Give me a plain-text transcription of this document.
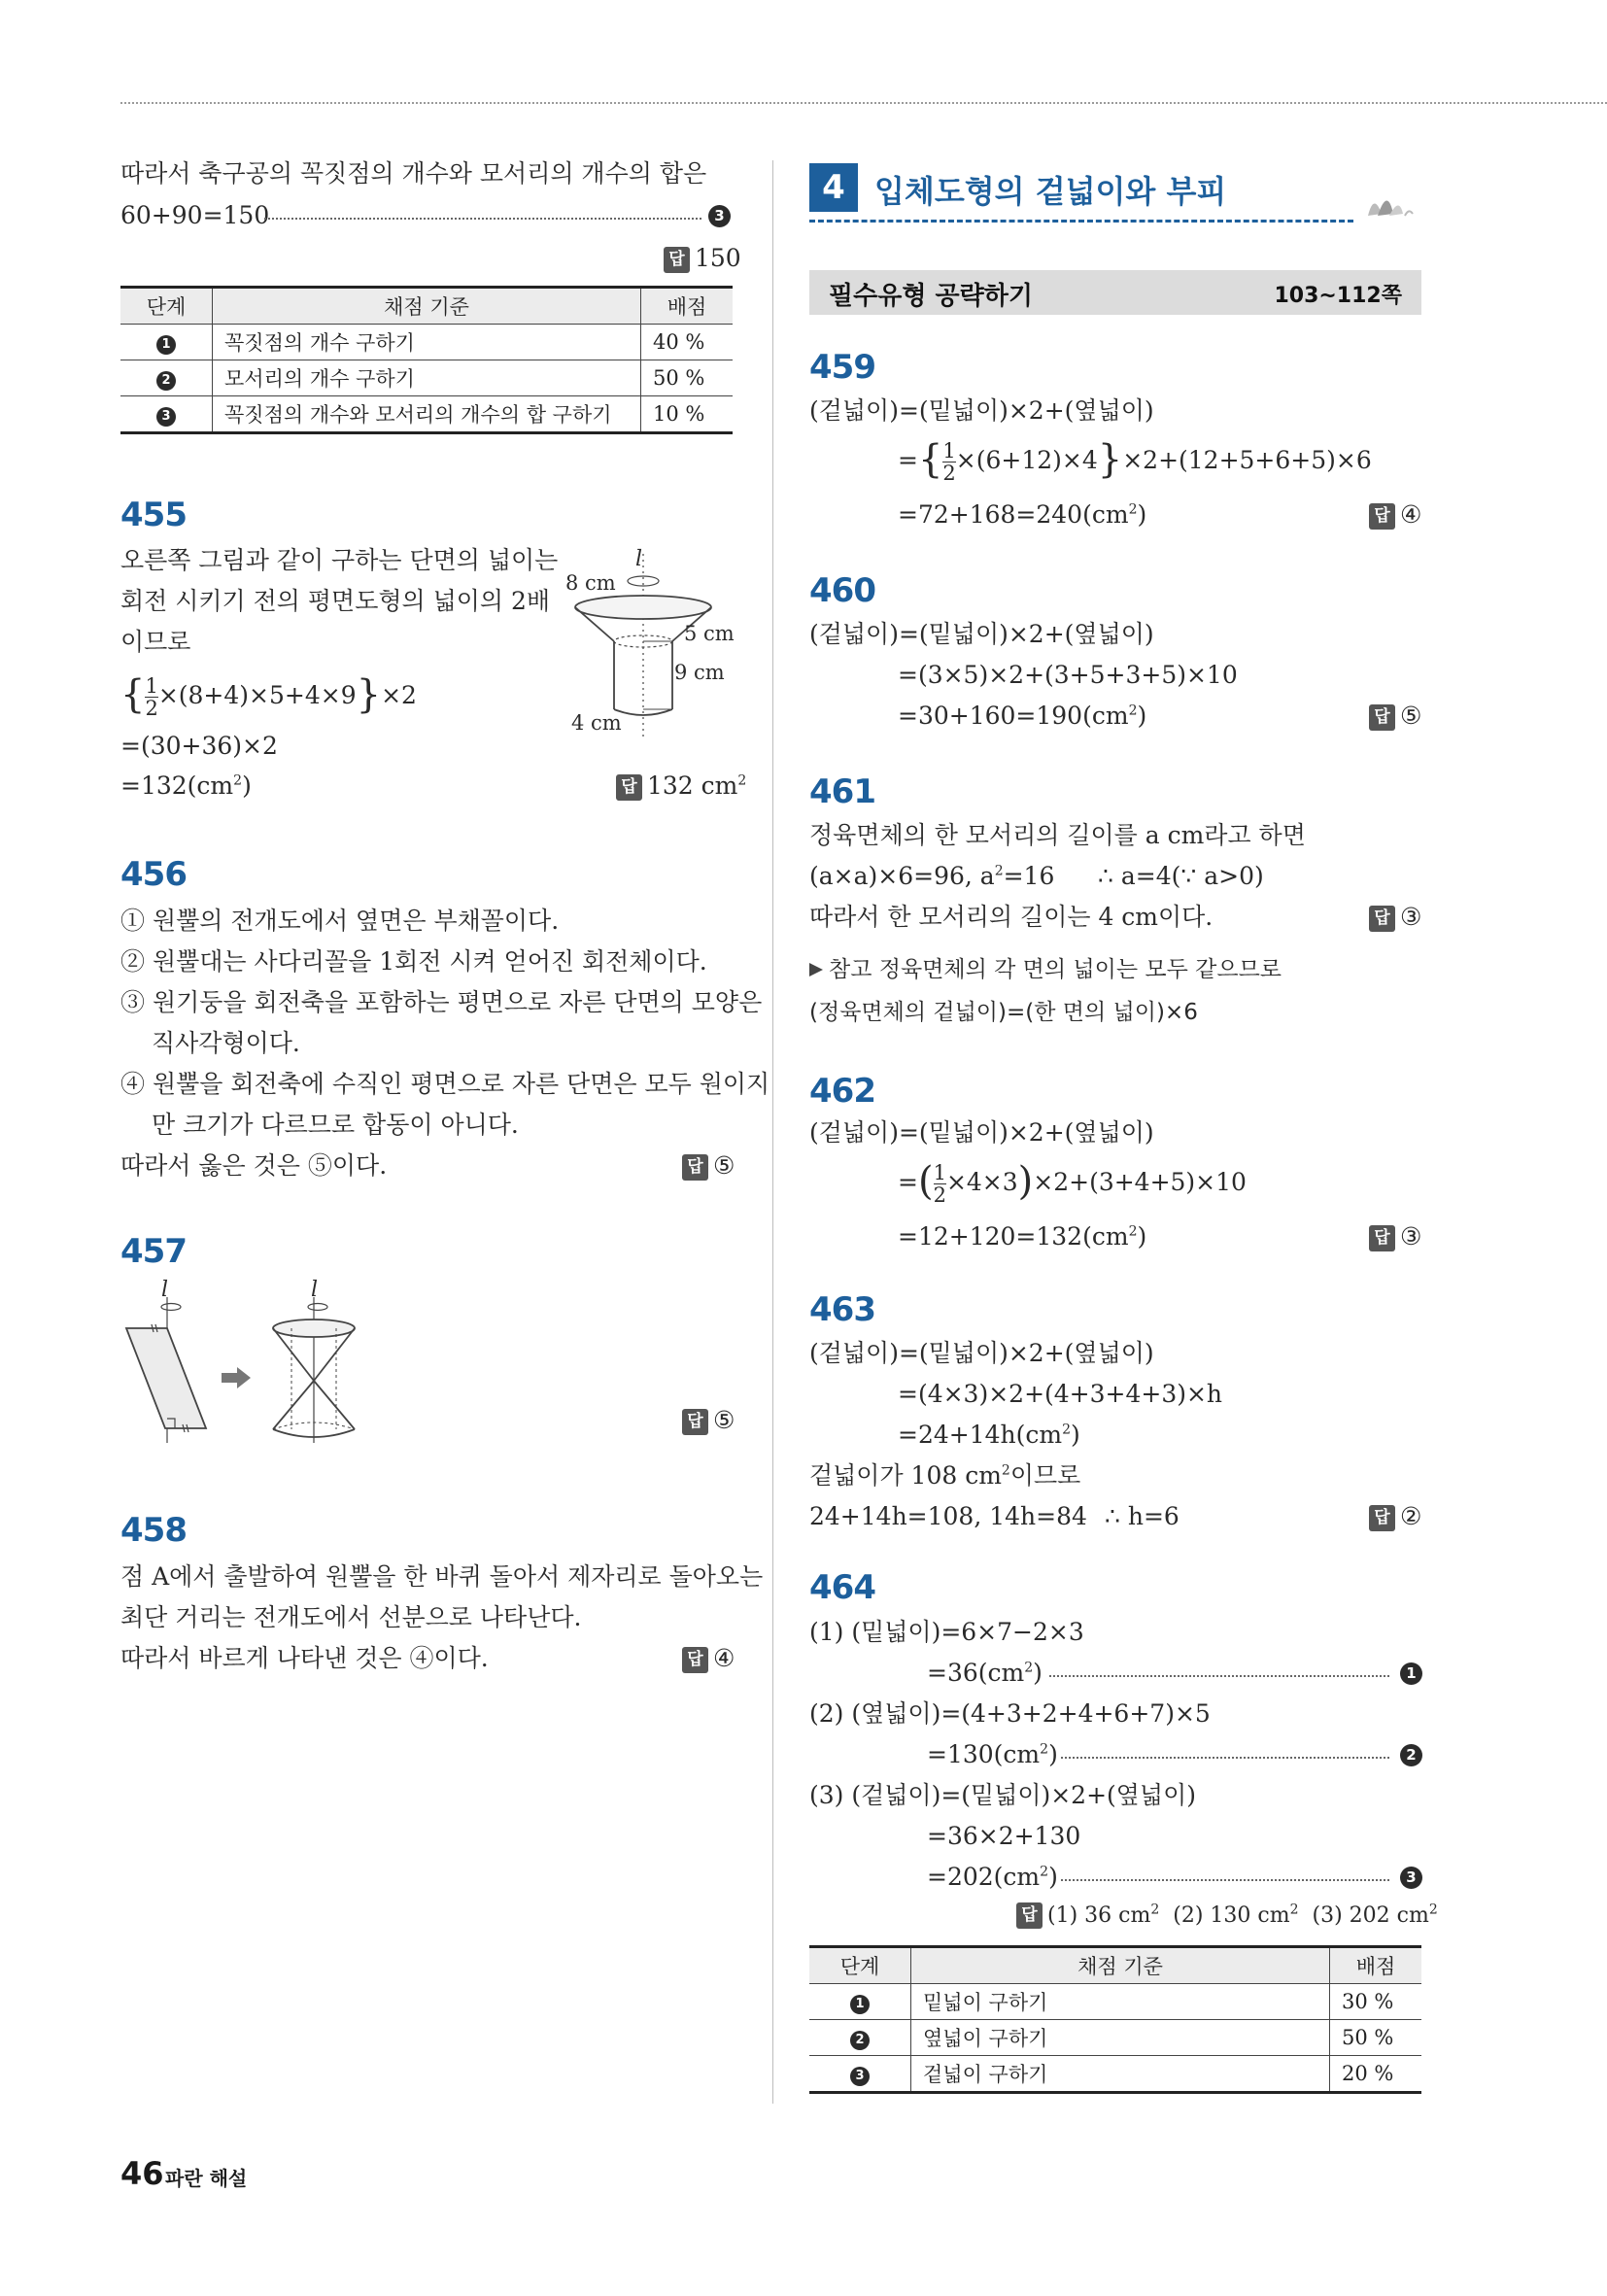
따라서 축구공의 꼭짓점의 개수와 모서리의 개수의 합은
60+90=150	3
답 150
단계	채점 기준	배점
1	꼭짓점의 개수 구하기	40 %
2	모서리의 개수 구하기	50 %
3	꼭짓점의 개수와 모서리의 개수의 합 구하기	10 %
455
오른쪽 그림과 같이 구하는 단면의 넓이는
회전 시키기 전의 평면도형의 넓이의 2배
이므로
{ $\frac{1}{2} \times(8+4)\times 5+4\times 9\}\times 2$
=(30+36)×2
$=132(cm^2)$	답 132 $cm^2$
l
8 cm
5 cm
9 cm
4 cm
456
① 원뿔의 전개도에서 옆면은 부채꼴이다.
② 원뿔대는 사다리꼴을 1회전 시켜 얻어진 회전체이다.
③ 원기둥을 회전축을 포함하는 평면으로 자른 단면의 모양은
직사각형이다.
④ 원뿔을 회전축에 수직인 평면으로 자른 단면은 모두 원이지
만 크기가 다르므로 합동이 아니다.
따라서 옳은 것은 ⑤이다.	답 ⑤
457
l	l
답 ⑤
458
점 A에서 출발하여 원뿔을 한 바퀴 돌아서 제자리로 돌아오는
최단 거리는 전개도에서 선분으로 나타난다.
따라서 바르게 나타낸 것은 ④이다.	답 ④
4 입체도형의 겉넓이와 부피
필수유형 공략하기	103~112쪽
459
(겉넓이)=(밑넓이)×2+(옆넓이)
={ $\frac{1}{2} \times(6+12)\times 4\}\times 2+(12+5+6+5)\times 6$
$=72+168=240(cm^2)$	답 ④
460
(겉넓이)=(밑넓이)×2+(옆넓이)
=(3×5)×2+(3+5+3+5)×10
$=30+160=190(cm^2)$	답 ⑤
461
정육면체의 한 모서리의 길이를 a cm라고 하면
(a×a)×6=96, $a^2=16$ ∴ a=4(∵ a>0)
따라서 한 모서리의 길이는 4 cm이다.	답 ③
참고 정육면체의 각 면의 넓이는 모두 같으므로
(정육면체의 겉넓이)=(한 면의 넓이)×6
462
(겉넓이)=(밑넓이)×2+(옆넓이)
=( $\frac{1}{2} \times 4\times 3)\times 2+(3+4+5)\times 10$
$=12+120=132(cm^2)$	답 ③
463
(겉넓이)=(밑넓이)×2+(옆넓이)
=(4×3)×2+(4+3+4+3)×h
$=24+14h(cm^2)$
겉넓이가 108 $cm^2$이므로
24+14h=108, 14h=84 ∴ h=6	답 ②
464
(1) (밑넓이)=6×7−2×3
$=36(cm^2)$	1
(2) (옆넓이)=(4+3+2+4+6+7)×5
$=130(cm^2)$	2
(3) (겉넓이)=(밑넓이)×2+(옆넓이)
=36×2+130
$=202(cm^2)$	3
답 (1) 36 $cm^2$ (2) 130 $cm^2$ (3) 202 $cm^2$
단계	채점 기준	배점
1	밑넓이 구하기	30 %
2	옆넓이 구하기	50 %
3	겉넓이 구하기	20 %
46 파란 해설
